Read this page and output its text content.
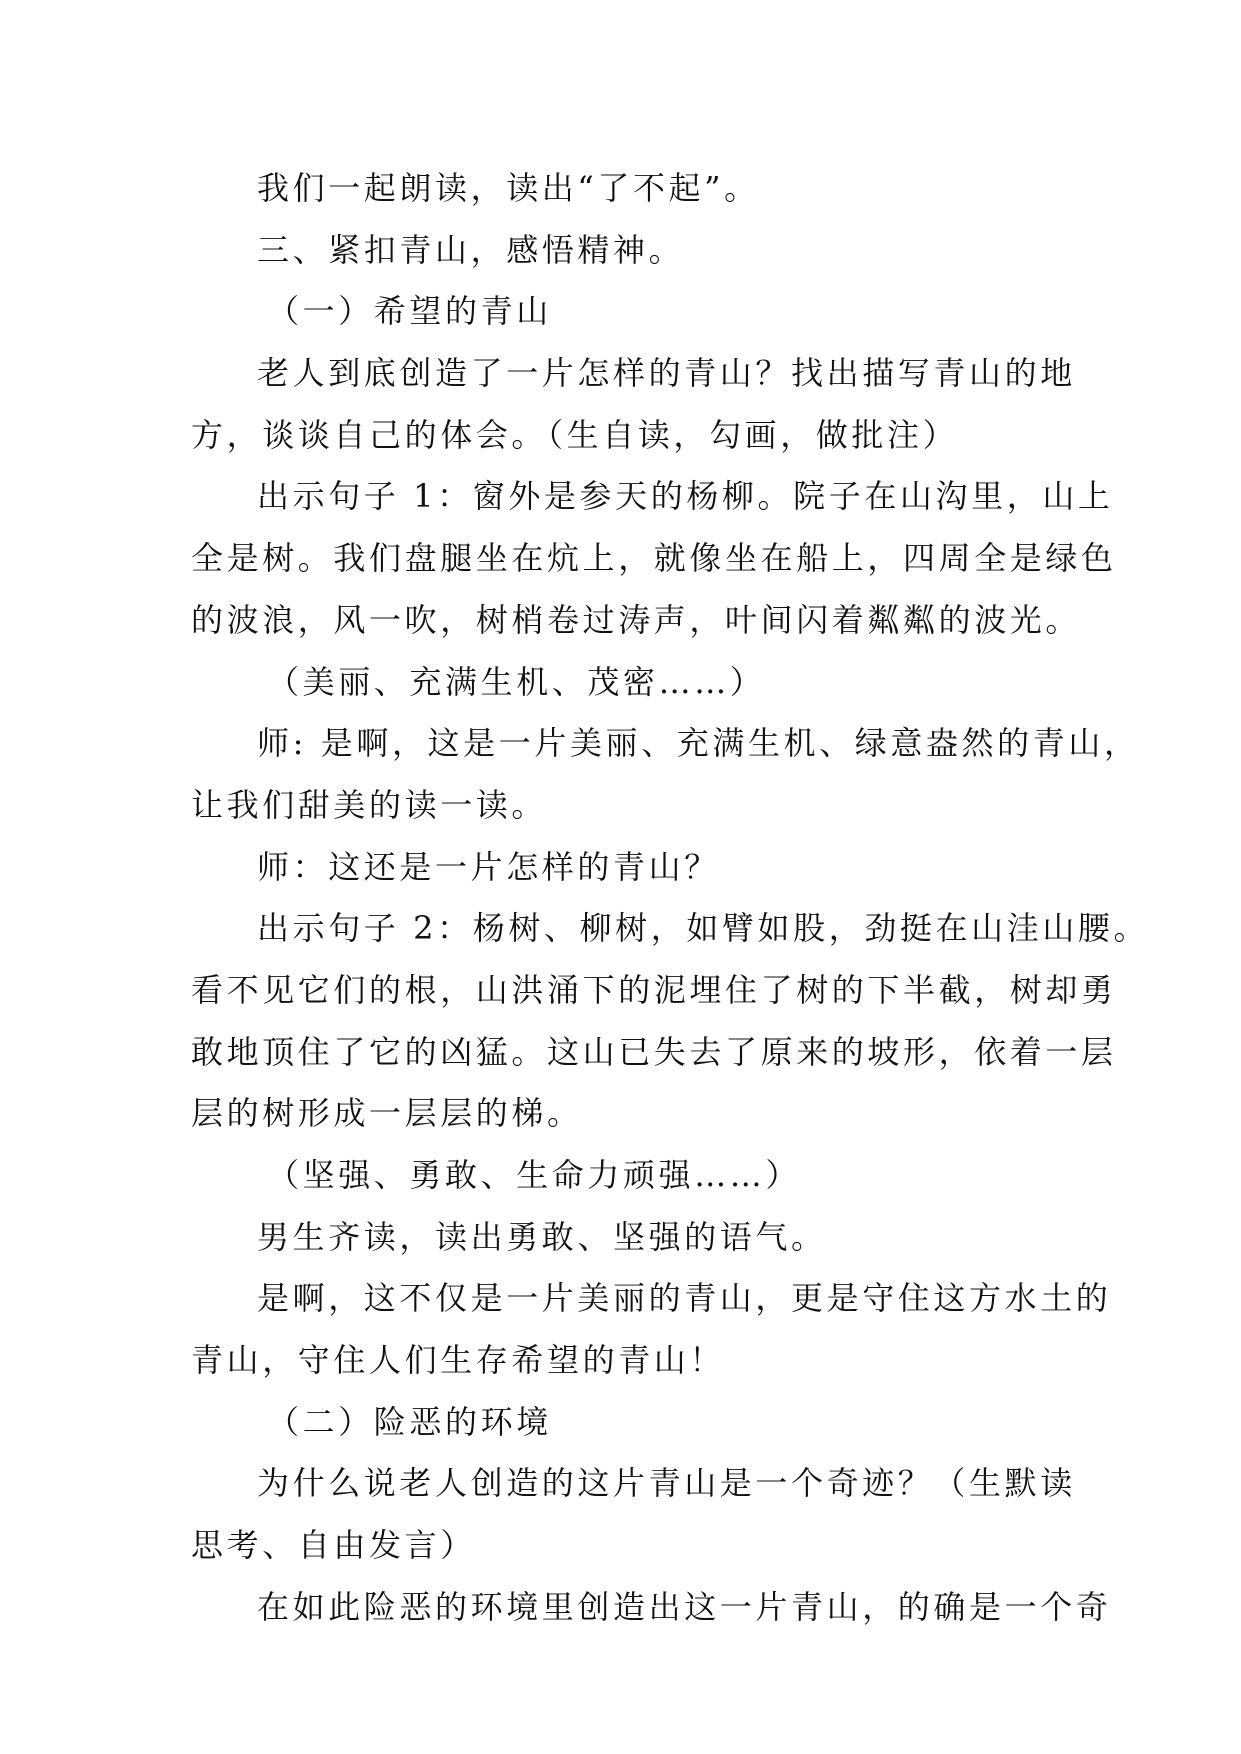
我们一起朗读，读出“了不起”。
三、紧扣青山，感悟精神。
（一）希望的青山
老人到底创造了一片怎样的青山？找出描写青山的地
方，谈谈自己的体会。（生自读，勾画，做批注）
出示句子 1：窗外是参天的杨柳。院子在山沟里，山上
全是树。我们盘腿坐在炕上，就像坐在船上，四周全是绿色
的波浪，风一吹，树梢卷过涛声，叶间闪着粼粼的波光。
（美丽、充满生机、茂密……）
师: 是啊，这是一片美丽、充满生机、绿意盎然的青山，
让我们甜美的读一读。
师：这还是一片怎样的青山？
出示句子 2：杨树、柳树，如臂如股，劲挺在山洼山腰。
看不见它们的根，山洪涌下的泥埋住了树的下半截，树却勇
敢地顶住了它的凶猛。这山已失去了原来的坡形，依着一层
层的树形成一层层的梯。
（坚强、勇敢、生命力顽强……）
男生齐读，读出勇敢、坚强的语气。
是啊，这不仅是一片美丽的青山，更是守住这方水土的
青山，守住人们生存希望的青山！
（二）险恶的环境
为什么说老人创造的这片青山是一个奇迹？（生默读
思考、自由发言）
在如此险恶的环境里创造出这一片青山，的确是一个奇
